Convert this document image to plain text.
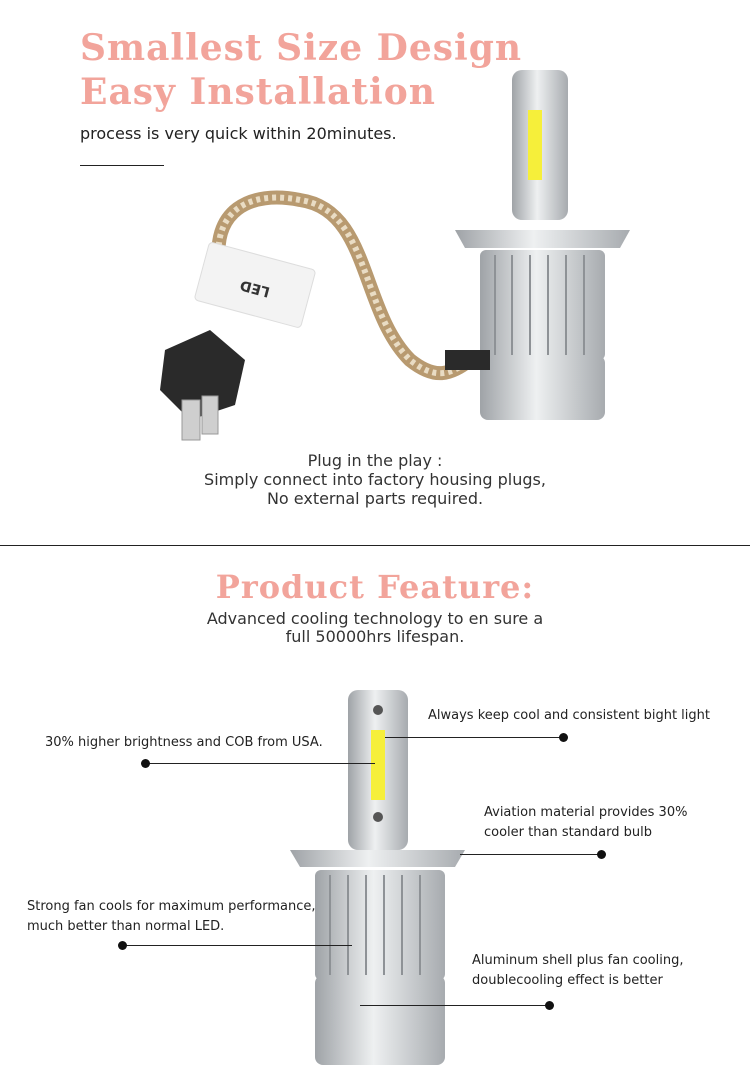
Smallest Size Design
Easy Installation
process is very quick within 20minutes.
LED
Plug in the play :
Simply connect into factory housing plugs,
No external parts required.
Product Feature:
Advanced cooling technology to en sure a
full 50000hrs lifespan.
30% higher brightness and COB from USA.
Always keep cool and consistent bight light
Aviation material provides 30%
cooler than standard bulb
Strong fan cools for maximum performance,
much better than normal LED.
Aluminum shell plus fan cooling,
doublecooling effect is better
